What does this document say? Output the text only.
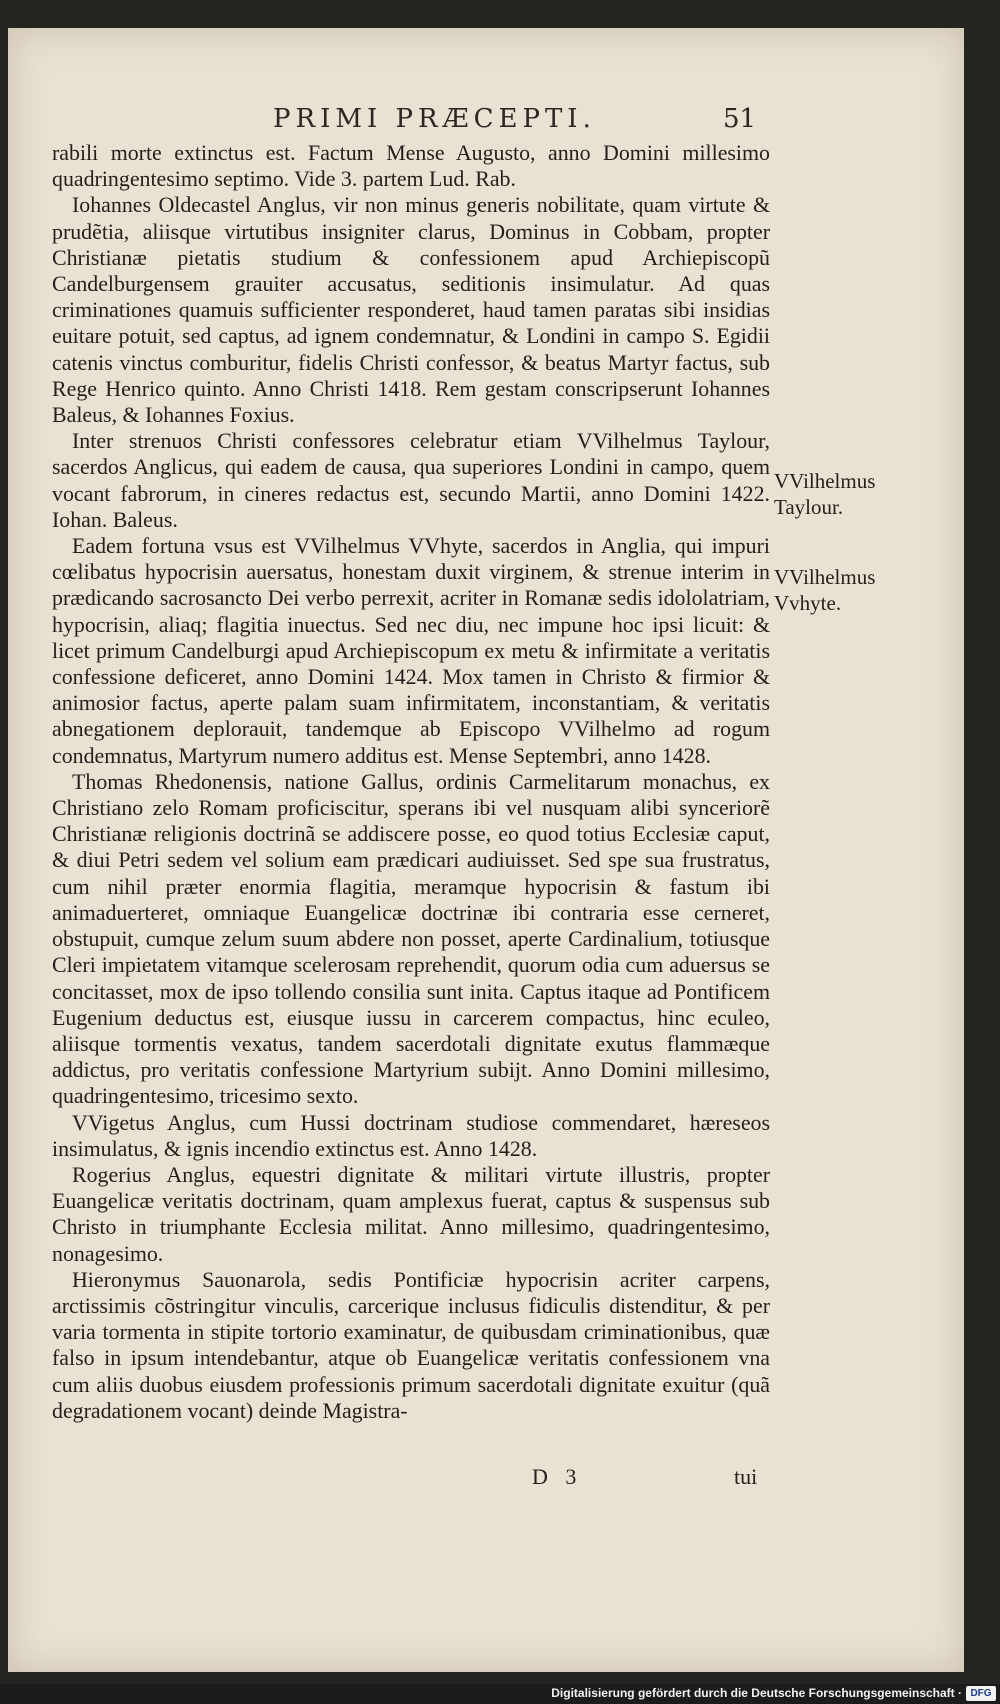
PRIMI PRÆCEPTI.	51

rabili morte extinctus est. Factum Mense Augusto, anno Domini millesimo quadringentesimo septimo. Vide 3. partem Lud. Rab.

Iohannes Oldecastel Anglus, vir non minus generis nobilitate, quam virtute & prudẽtia, aliisque virtutibus insigniter clarus, Dominus in Cobbam, propter Christianæ pietatis studium & confessionem apud Archiepiscopũ Candelburgensem grauiter accusatus, seditionis insimulatur. Ad quas criminationes quamuis sufficienter responderet, haud tamen paratas sibi insidias euitare potuit, sed captus, ad ignem condemnatur, & Londini in campo S. Egidii catenis vinctus comburitur, fidelis Christi confessor, & beatus Martyr factus, sub Rege Henrico quinto. Anno Christi 1418. Rem gestam conscripserunt Iohannes Baleus, & Iohannes Foxius.

Inter strenuos Christi confessores celebratur etiam VVilhelmus Taylour, sacerdos Anglicus, qui eadem de causa, qua superiores Londini in campo, quem vocant fabrorum, in cineres redactus est, secundo Martii, anno Domini 1422. Iohan. Baleus.

Eadem fortuna vsus est VVilhelmus VVhyte, sacerdos in Anglia, qui impuri cœlibatus hypocrisin auersatus, honestam duxit virginem, & strenue interim in prædicando sacrosancto Dei verbo perrexit, acriter in Romanæ sedis idololatriam, hypocrisin, aliaq; flagitia inuectus. Sed nec diu, nec impune hoc ipsi licuit: & licet primum Candelburgi apud Archiepiscopum ex metu & infirmitate a veritatis confessione deficeret, anno Domini 1424. Mox tamen in Christo & firmior & animosior factus, aperte palam suam infirmitatem, inconstantiam, & veritatis abnegationem deplorauit, tandemque ab Episcopo VVilhelmo ad rogum condemnatus, Martyrum numero additus est. Mense Septembri, anno 1428.

Thomas Rhedonensis, natione Gallus, ordinis Carmelitarum monachus, ex Christiano zelo Romam proficiscitur, sperans ibi vel nusquam alibi synceriorẽ Christianæ religionis doctrinã se addiscere posse, eo quod totius Ecclesiæ caput, & diui Petri sedem vel solium eam prædicari audiuisset. Sed spe sua frustratus, cum nihil præter enormia flagitia, meramque hypocrisin & fastum ibi animaduerteret, omniaque Euangelicæ doctrinæ ibi contraria esse cerneret, obstupuit, cumque zelum suum abdere non posset, aperte Cardinalium, totiusque Cleri impietatem vitamque scelerosam reprehendit, quorum odia cum aduersus se concitasset, mox de ipso tollendo consilia sunt inita. Captus itaque ad Pontificem Eugenium deductus est, eiusque iussu in carcerem compactus, hinc eculeo, aliisque tormentis vexatus, tandem sacerdotali dignitate exutus flammæque addictus, pro veritatis confessione Martyrium subijt. Anno Domini millesimo, quadringentesimo, tricesimo sexto.

VVigetus Anglus, cum Hussi doctrinam studiose commendaret, hæreseos insimulatus, & ignis incendio extinctus est. Anno 1428.

Rogerius Anglus, equestri dignitate & militari virtute illustris, propter Euangelicæ veritatis doctrinam, quam amplexus fuerat, captus & suspensus sub Christo in triumphante Ecclesia militat. Anno millesimo, quadringentesimo, nonagesimo.

Hieronymus Sauonarola, sedis Pontificiæ hypocrisin acriter carpens, arctissimis cõstringitur vinculis, carcerique inclusus fidiculis distenditur, & per varia tormenta in stipite tortorio examinatur, de quibusdam criminationibus, quæ falso in ipsum intendebantur, atque ob Euangelicæ veritatis confessionem vna cum aliis duobus eiusdem professionis primum sacerdotali dignitate exuitur (quã degradationem vocant) deinde Magistra-

VVilhelmus Taylour.
VVilhelmus Vvhyte.
D 3	tui
Digitalisierung gefördert durch die Deutsche Forschungsgemeinschaft · DFG
